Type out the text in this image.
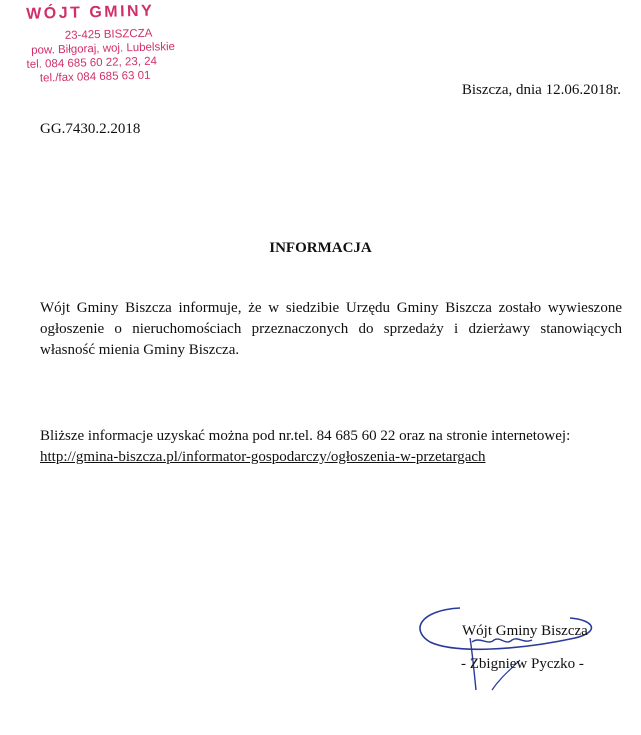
WÓJT GMINY
23-425 BISZCZA
pow. Biłgoraj, woj. Lubelskie
tel. 084 685 60 22, 23, 24
tel./fax 084 685 63 01
Biszcza, dnia 12.06.2018r.
GG.7430.2.2018
INFORMACJA
Wójt Gminy Biszcza informuje, że w siedzibie Urzędu Gminy Biszcza zostało wywieszone ogłoszenie o nieruchomościach przeznaczonych do sprzedaży i dzierżawy stanowiących własność mienia Gminy Biszcza.
Bliższe informacje uzyskać można pod nr.tel. 84 685 60 22 oraz na stronie internetowej:
http://gmina-biszcza.pl/informator-gospodarczy/ogłoszenia-w-przetargach
Wójt Gminy Biszcza
- Zbigniew Pyczko -
